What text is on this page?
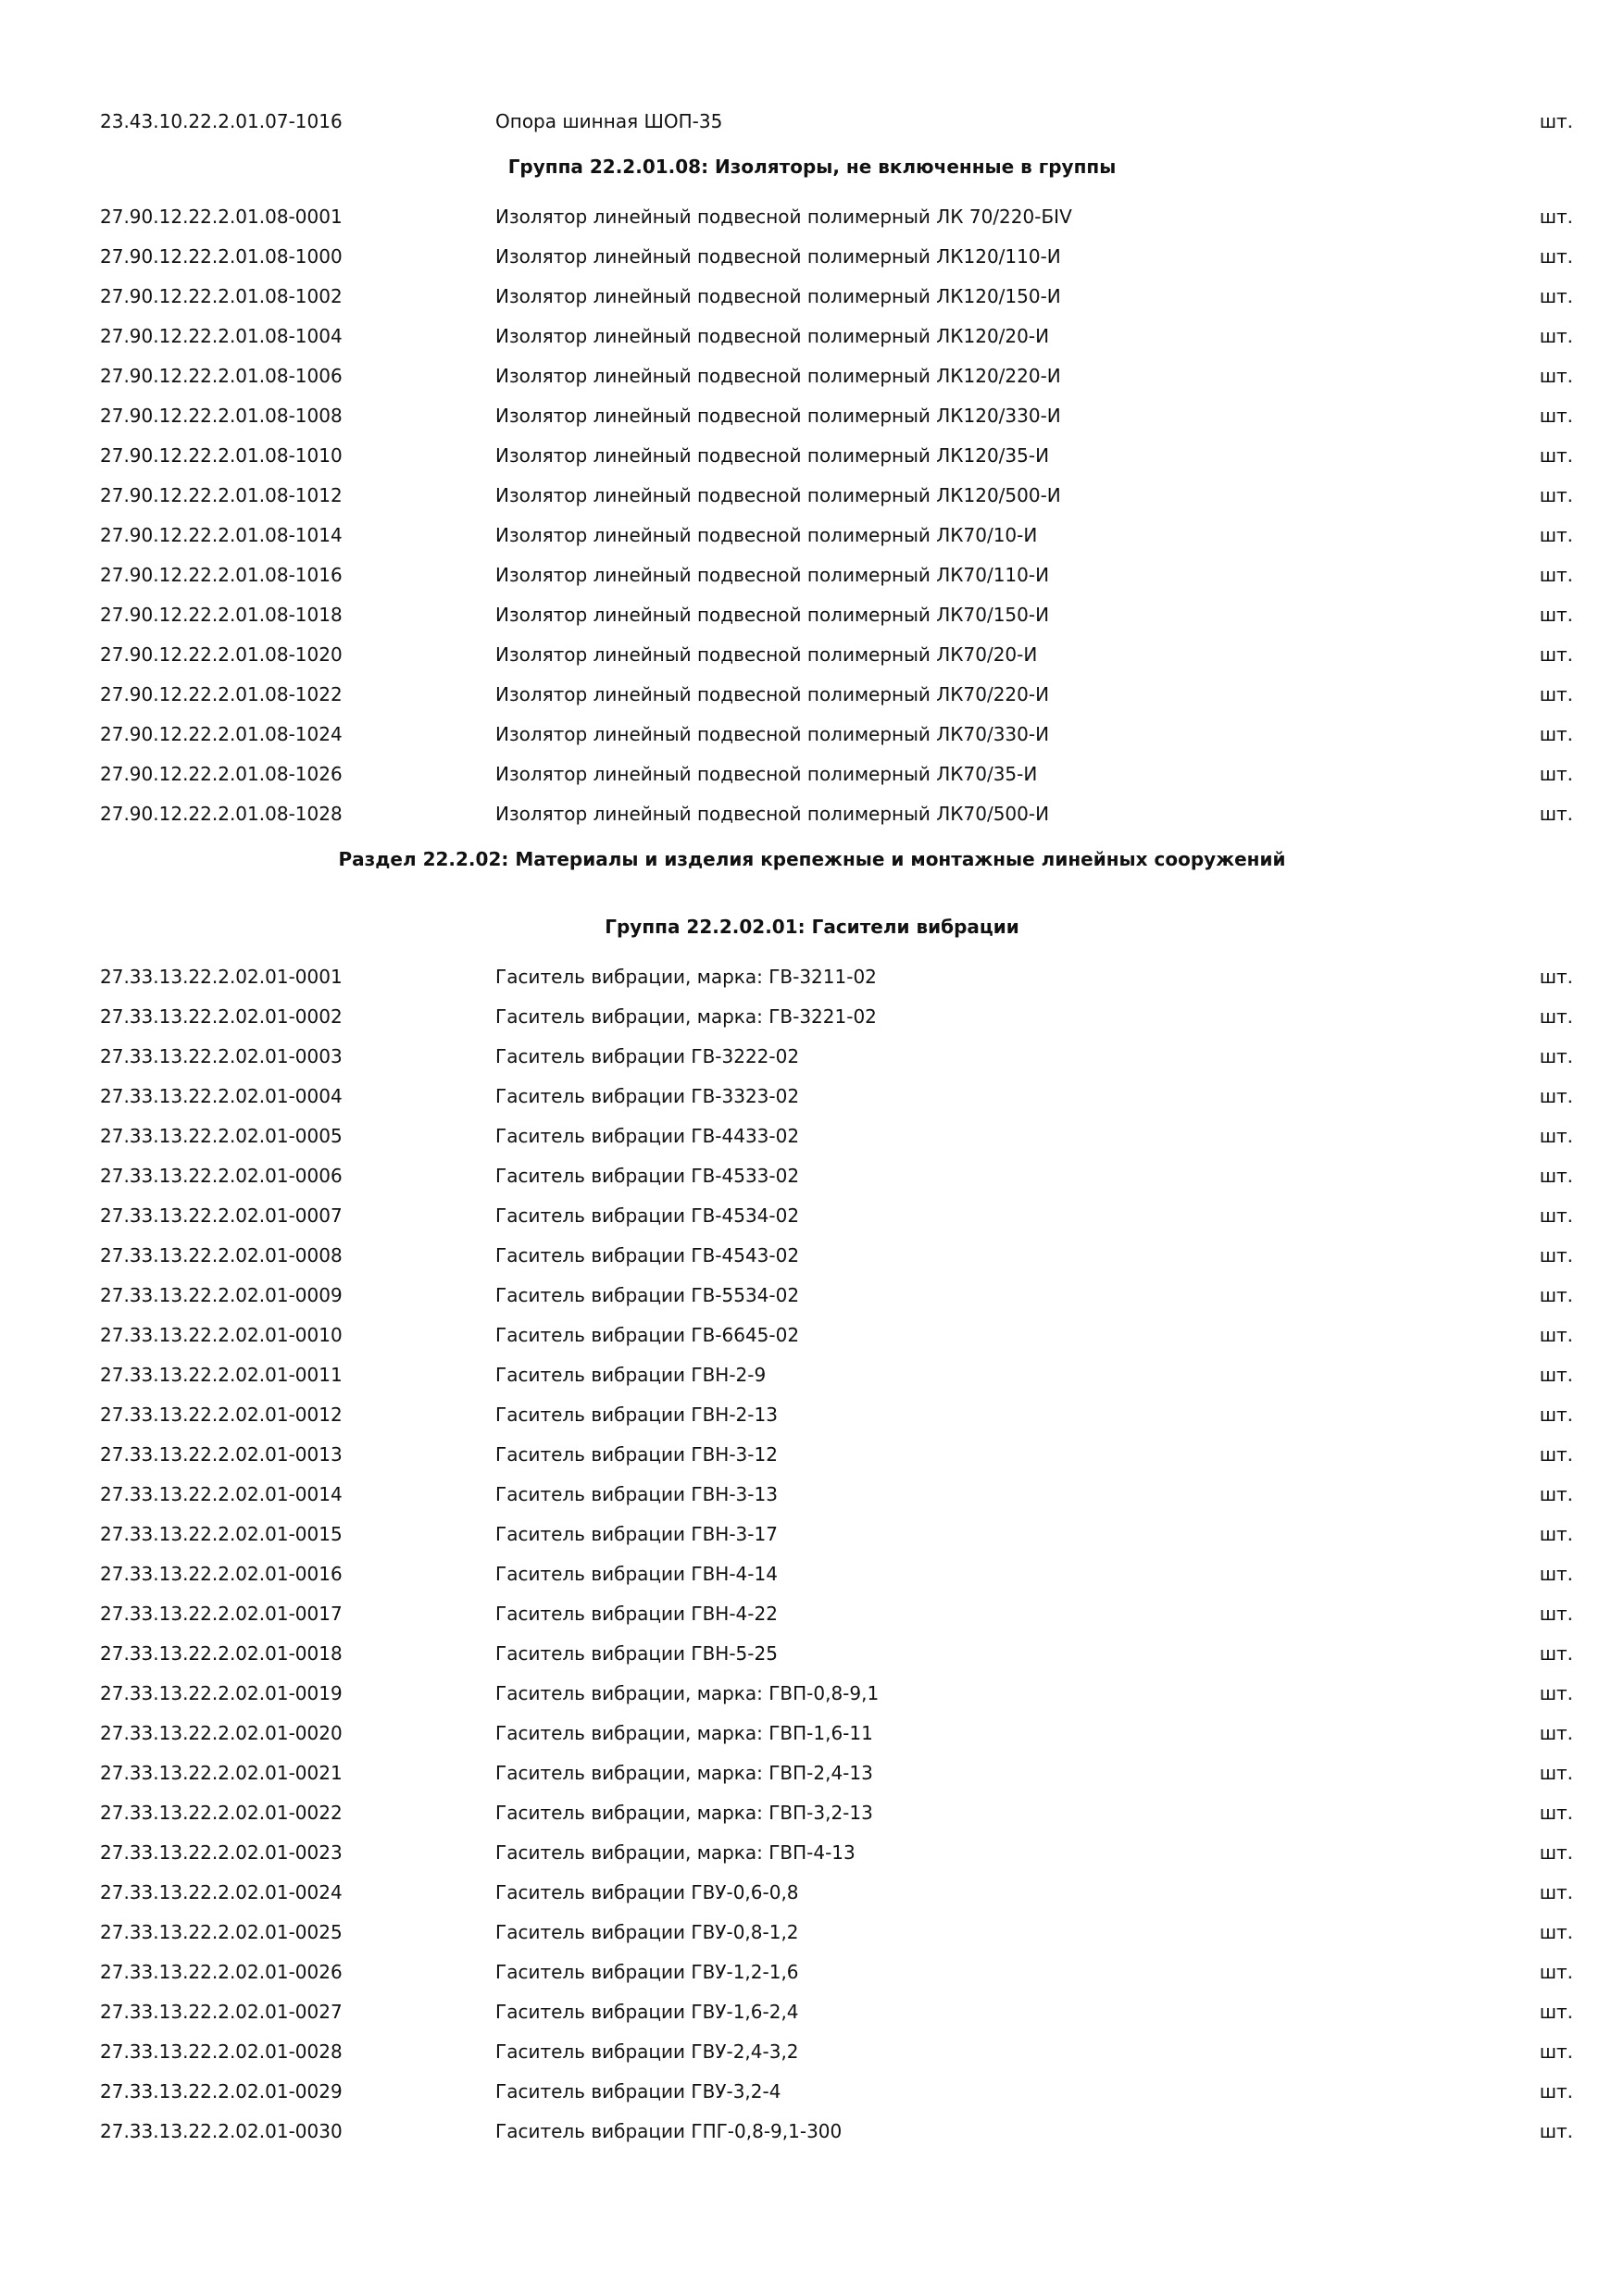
23.43.10.22.2.01.07-1016	Опора шинная ШОП-35	шт.
Группа 22.2.01.08: Изоляторы, не включенные в группы
27.90.12.22.2.01.08-0001	Изолятор линейный подвесной полимерный ЛК 70/220-БIV	шт.
27.90.12.22.2.01.08-1000	Изолятор линейный подвесной полимерный ЛК120/110-И	шт.
27.90.12.22.2.01.08-1002	Изолятор линейный подвесной полимерный ЛК120/150-И	шт.
27.90.12.22.2.01.08-1004	Изолятор линейный подвесной полимерный ЛК120/20-И	шт.
27.90.12.22.2.01.08-1006	Изолятор линейный подвесной полимерный ЛК120/220-И	шт.
27.90.12.22.2.01.08-1008	Изолятор линейный подвесной полимерный ЛК120/330-И	шт.
27.90.12.22.2.01.08-1010	Изолятор линейный подвесной полимерный ЛК120/35-И	шт.
27.90.12.22.2.01.08-1012	Изолятор линейный подвесной полимерный ЛК120/500-И	шт.
27.90.12.22.2.01.08-1014	Изолятор линейный подвесной полимерный ЛК70/10-И	шт.
27.90.12.22.2.01.08-1016	Изолятор линейный подвесной полимерный ЛК70/110-И	шт.
27.90.12.22.2.01.08-1018	Изолятор линейный подвесной полимерный ЛК70/150-И	шт.
27.90.12.22.2.01.08-1020	Изолятор линейный подвесной полимерный ЛК70/20-И	шт.
27.90.12.22.2.01.08-1022	Изолятор линейный подвесной полимерный ЛК70/220-И	шт.
27.90.12.22.2.01.08-1024	Изолятор линейный подвесной полимерный ЛК70/330-И	шт.
27.90.12.22.2.01.08-1026	Изолятор линейный подвесной полимерный ЛК70/35-И	шт.
27.90.12.22.2.01.08-1028	Изолятор линейный подвесной полимерный ЛК70/500-И	шт.
Раздел 22.2.02: Материалы и изделия крепежные и монтажные линейных сооружений
Группа 22.2.02.01: Гасители вибрации
27.33.13.22.2.02.01-0001	Гаситель вибрации, марка: ГВ-3211-02	шт.
27.33.13.22.2.02.01-0002	Гаситель вибрации, марка: ГВ-3221-02	шт.
27.33.13.22.2.02.01-0003	Гаситель вибрации ГВ-3222-02	шт.
27.33.13.22.2.02.01-0004	Гаситель вибрации ГВ-3323-02	шт.
27.33.13.22.2.02.01-0005	Гаситель вибрации ГВ-4433-02	шт.
27.33.13.22.2.02.01-0006	Гаситель вибрации ГВ-4533-02	шт.
27.33.13.22.2.02.01-0007	Гаситель вибрации ГВ-4534-02	шт.
27.33.13.22.2.02.01-0008	Гаситель вибрации ГВ-4543-02	шт.
27.33.13.22.2.02.01-0009	Гаситель вибрации ГВ-5534-02	шт.
27.33.13.22.2.02.01-0010	Гаситель вибрации ГВ-6645-02	шт.
27.33.13.22.2.02.01-0011	Гаситель вибрации ГВН-2-9	шт.
27.33.13.22.2.02.01-0012	Гаситель вибрации ГВН-2-13	шт.
27.33.13.22.2.02.01-0013	Гаситель вибрации ГВН-3-12	шт.
27.33.13.22.2.02.01-0014	Гаситель вибрации ГВН-3-13	шт.
27.33.13.22.2.02.01-0015	Гаситель вибрации ГВН-3-17	шт.
27.33.13.22.2.02.01-0016	Гаситель вибрации ГВН-4-14	шт.
27.33.13.22.2.02.01-0017	Гаситель вибрации ГВН-4-22	шт.
27.33.13.22.2.02.01-0018	Гаситель вибрации ГВН-5-25	шт.
27.33.13.22.2.02.01-0019	Гаситель вибрации, марка: ГВП-0,8-9,1	шт.
27.33.13.22.2.02.01-0020	Гаситель вибрации, марка: ГВП-1,6-11	шт.
27.33.13.22.2.02.01-0021	Гаситель вибрации, марка: ГВП-2,4-13	шт.
27.33.13.22.2.02.01-0022	Гаситель вибрации, марка: ГВП-3,2-13	шт.
27.33.13.22.2.02.01-0023	Гаситель вибрации, марка: ГВП-4-13	шт.
27.33.13.22.2.02.01-0024	Гаситель вибрации ГВУ-0,6-0,8	шт.
27.33.13.22.2.02.01-0025	Гаситель вибрации ГВУ-0,8-1,2	шт.
27.33.13.22.2.02.01-0026	Гаситель вибрации ГВУ-1,2-1,6	шт.
27.33.13.22.2.02.01-0027	Гаситель вибрации ГВУ-1,6-2,4	шт.
27.33.13.22.2.02.01-0028	Гаситель вибрации ГВУ-2,4-3,2	шт.
27.33.13.22.2.02.01-0029	Гаситель вибрации ГВУ-3,2-4	шт.
27.33.13.22.2.02.01-0030	Гаситель вибрации ГПГ-0,8-9,1-300	шт.
